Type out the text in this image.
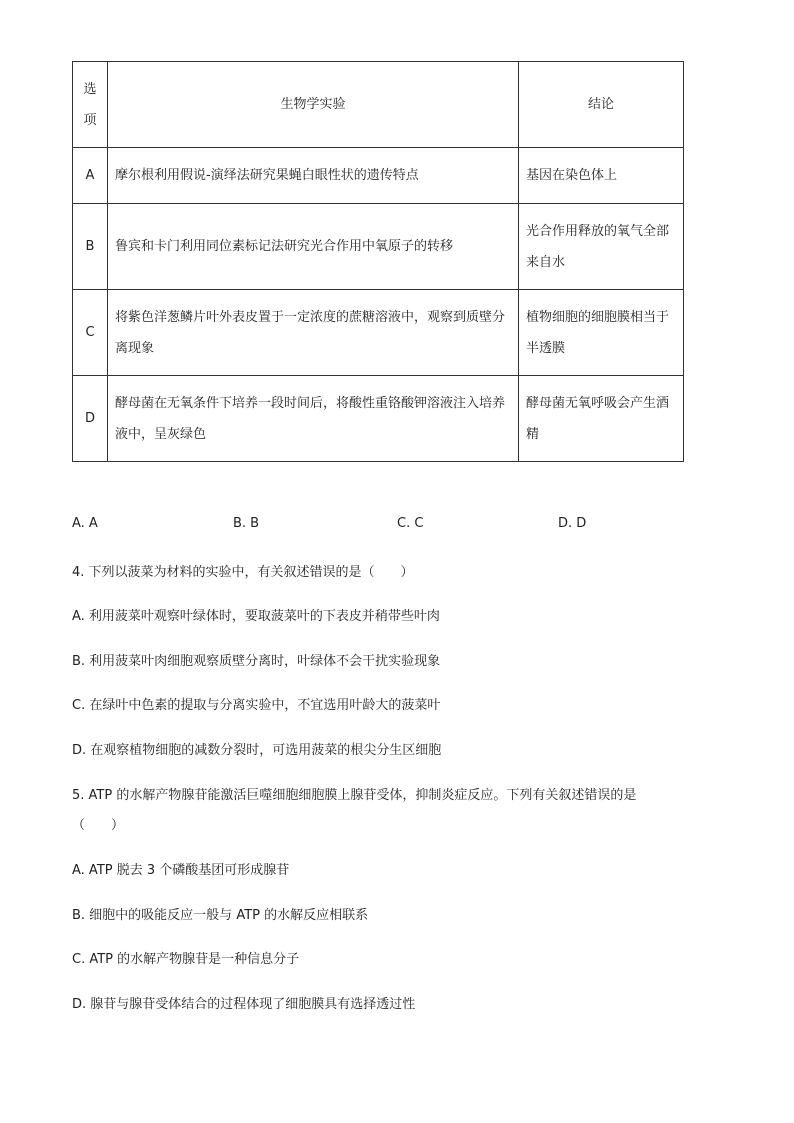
选
项	生物学实验	结论
A	摩尔根利用假说-演绎法研究果蝇白眼性状的遗传特点	基因在染色体上
B	鲁宾和卡门利用同位素标记法研究光合作用中氧原子的转移	光合作用释放的氧气全部来自水
C	将紫色洋葱鳞片叶外表皮置于一定浓度的蔗糖溶液中，观察到质壁分离现象	植物细胞的细胞膜相当于半透膜
D	酵母菌在无氧条件下培养一段时间后，将酸性重铬酸钾溶液注入培养液中，呈灰绿色	酵母菌无氧呼吸会产生酒精
A. A	B. B	C. C	D. D
4. 下列以菠菜为材料的实验中，有关叙述错误的是（　　）
A. 利用菠菜叶观察叶绿体时，要取菠菜叶的下表皮并稍带些叶肉
B. 利用菠菜叶肉细胞观察质壁分离时，叶绿体不会干扰实验现象
C. 在绿叶中色素的提取与分离实验中，不宜选用叶龄大的菠菜叶
D. 在观察植物细胞的减数分裂时，可选用菠菜的根尖分生区细胞
5. ATP 的水解产物腺苷能激活巨噬细胞细胞膜上腺苷受体，抑制炎症反应。下列有关叙述错误的是
（　　）
A. ATP 脱去 3 个磷酸基团可形成腺苷
B. 细胞中的吸能反应一般与 ATP 的水解反应相联系
C. ATP 的水解产物腺苷是一种信息分子
D. 腺苷与腺苷受体结合的过程体现了细胞膜具有选择透过性
